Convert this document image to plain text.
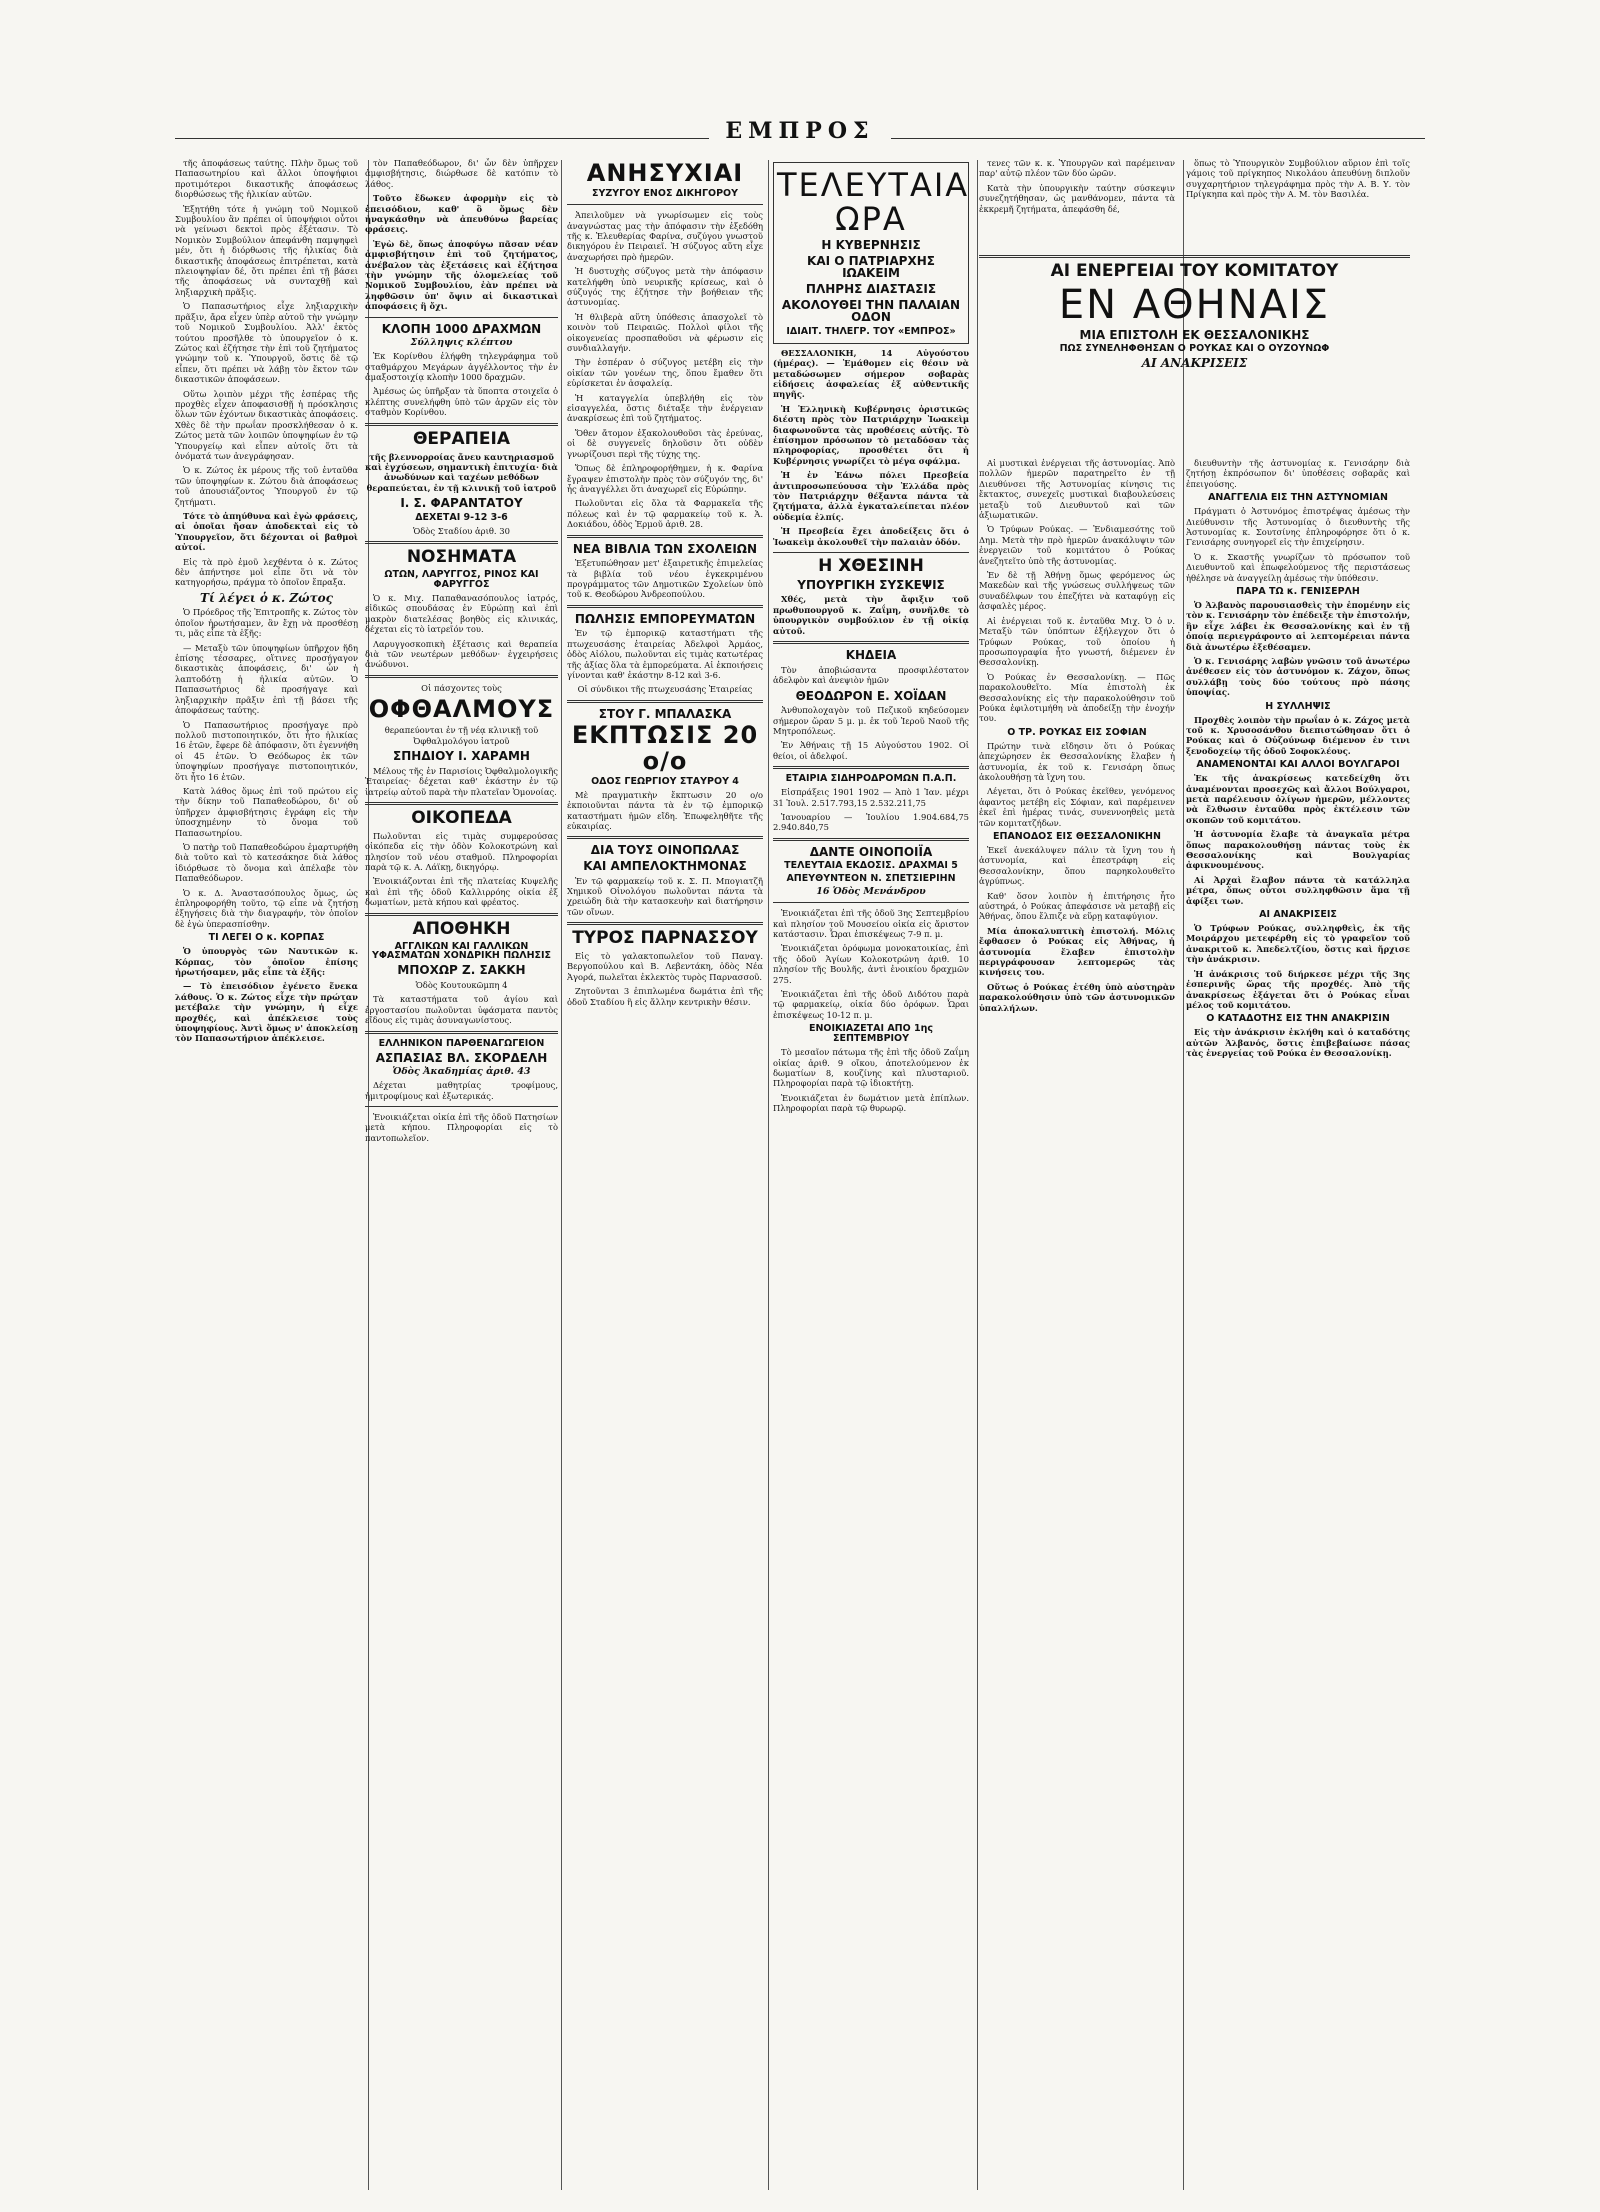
ΕΜΠΡΟΣ

τῆς ἀποφάσεως ταύτης. Πλὴν ὅμως τοῦ Παπασωτηρίου καὶ ἄλλοι ὑποψήφιοι προτιμότεροι δικαστικῆς ἀποφάσεως διορθώσεως τῆς ἡλικίαν αὐτῶν.

Ἐξητήθη τότε ἡ γνώμη τοῦ Νομικοῦ Συμβουλίου ἂν πρέπει οἱ ὑποψήφιοι οὗτοι νὰ γείνωσι δεκτοὶ πρὸς ἐξέτασιν. Τὸ Νομικὸν Συμβούλιον ἀπεφάνθη παμψηφεὶ μέν, ὅτι ἡ διόρθωσις τῆς ἡλικίας διὰ δικαστικῆς ἀποφάσεως ἐπιτρέπεται, κατὰ πλειοψηφίαν δέ, ὅτι πρέπει ἐπὶ τῇ βάσει τῆς ἀποφάσεως νὰ συνταχθῇ καὶ ληξιαρχικὴ πρᾶξις.

Ὁ Παπασωτήριος εἶχε ληξιαρχικὴν πρᾶξιν, ἄρα εἶχεν ὑπὲρ αὐτοῦ τὴν γνώμην τοῦ Νομικοῦ Συμβουλίου. Ἀλλ' ἐκτὸς τούτου προσῆλθε τὸ ὑπουργεῖον ὁ κ. Ζώτος καὶ ἐζήτησε τὴν ἐπὶ τοῦ ζητήματος γνώμην τοῦ κ. Ὑπουργοῦ, ὅστις δὲ τῷ εἶπεν, ὅτι πρέπει νὰ λάβῃ τὸν ἕκτον τῶν δικαστικῶν ἀποφάσεων.

Οὕτω λοιπὸν μέχρι τῆς ἑσπέρας τῆς προχθὲς εἶχεν ἀποφασισθῇ ἡ πρόσκλησις ὅλων τῶν ἐχόντων δικαστικὰς ἀποφάσεις. Χθὲς δὲ τὴν πρωΐαν προσκλήθεσαν ὁ κ. Ζώτος μετὰ τῶν λοιπῶν ὑποψηφίων ἐν τῷ Ὑπουργείῳ καὶ εἶπεν αὐτοῖς ὅτι τὰ ὀνόματά των ἀνεγράφησαν.

Ὁ κ. Ζώτος ἐκ μέρους τῆς τοῦ ἐνταῦθα τῶν ὑποψηφίων κ. Ζώτου διὰ ἀποφάσεως τοῦ ἀπουσιάζοντος Ὑπουργοῦ ἐν τῷ ζητήματι.

Τότε τὸ ἀπηύθυνα καὶ ἐγὼ φράσεις, αἱ ὁποῖαι ἤσαν ἀποδεκταὶ εἰς τὸ Ὑπουργεῖον, ὅτι δέχονται οἱ βαθμοὶ αὐτοί.

Εἰς τὰ πρὸ ἐμοῦ λεχθέντα ὁ κ. Ζώτος δὲν ἀπήντησε μοὶ εἶπε ὅτι νὰ τὸν κατηγορήσω, πράγμα τὸ ὁποῖον ἔπραξα.

Τί λέγει ὁ κ. Ζώτος

Ὁ Πρόεδρος τῆς Ἐπιτροπῆς κ. Ζώτος τὸν ὁποῖον ἠρωτήσαμεν, ἂν ἔχῃ νὰ προσθέσῃ τι, μᾶς εἶπε τὰ ἑξῆς:

— Μεταξὺ τῶν ὑποψηφίων ὑπῆρχον ἤδη ἐπίσης τέσσαρες, οἵτινες προσήγαγον δικαστικὰς ἀποφάσεις, δι' ὧν ἡ λαπτοδότῃ ἡ ἡλικία αὐτῶν. Ὁ Παπασωτήριος δὲ προσήγαγε καὶ ληξιαρχικὴν πρᾶξιν ἐπὶ τῇ βάσει τῆς ἀποφάσεως ταύτης.

Ὁ Παπασωτήριος προσήγαγε πρὸ πολλοῦ πιστοποιητικόν, ὅτι ἦτο ἡλικίας 16 ἐτῶν, ἔφερε δὲ ἀπόφασιν, ὅτι ἐγεννήθη οἱ 45 ἐτῶν. Ὁ Θεόδωρος ἐκ τῶν ὑποψηφίων προσήγαγε πιστοποιητικόν, ὅτι ἦτο 16 ἐτῶν.

Κατὰ λάθος ὅμως ἐπὶ τοῦ πρώτου εἰς τὴν δίκην τοῦ Παπαθεοδώρου, δι' οὗ ὑπῆρχεν ἀμφισβήτησις ἐγράφη εἰς τὴν ὑποσχημένην τὸ ὄνομα τοῦ Παπασωτηρίου.

Ὁ πατὴρ τοῦ Παπαθεοδώρου ἐμαρτυρήθη διὰ τοῦτο καὶ τὸ κατεσάκησε διὰ λάθος ἰδιόρθωσε τὸ ὄνομα καὶ ἀπέλαβε τὸν Παπαθεόδωρον.

Ὁ κ. Δ. Ἀναστασόπουλος ὅμως, ὡς ἐπληροφορήθη τοῦτο, τῷ εἶπε νὰ ζητήσῃ ἐξηγήσεις διὰ τὴν διαγραφήν, τὸν ὁποῖον δὲ ἐγὼ ὑπερασπίσθην.

ΤΙ ΛΕΓΕΙ Ο κ. ΚΟΡΠΑΣ

Ὁ ὑπουργὸς τῶν Ναυτικῶν κ. Κόρπας, τὸν ὁποῖον ἐπίσης ἠρωτήσαμεν, μᾶς εἶπε τὰ ἑξῆς:

— Τὸ ἐπεισόδιον ἐγένετο ἕνεκα λάθους. Ὁ κ. Ζώτος εἶχε τὴν πρώταν μετέβαλε τὴν γνώμην, ἡ εἶχε προχθές, καὶ ἀπέκλεισε τοὺς ὑποψηφίους. Ἀντὶ ὅμως ν' ἀποκλείσῃ τὸν Παπασωτήριον ἀπέκλεισε.

τὸν Παπαθεόδωρον, δι' ὧν δὲν ὑπῆρχεν ἀμφισβήτησις, διώρθωσε δὲ κατόπιν τὸ λάθος.

Τοῦτο ἔδωκεν ἀφορμὴν εἰς τὸ ἐπεισόδιον, καθ' ὃ ὅμως δὲν ἠναγκάσθην νὰ ἀπευθύνω βαρείας φράσεις.

Ἐγὼ δὲ, ὅπως ἀποφύγω πᾶσαν νέαν ἀμφισβήτησιν ἐπὶ τοῦ ζητήματος, ἀνέβαλον τὰς ἐξετάσεις καὶ ἐζήτησα τὴν γνώμην τῆς ὁλομελείας τοῦ Νομικοῦ Συμβουλίου, ἐὰν πρέπει νὰ ληφθῶσιν ὑπ' ὄψιν αἱ δικαστικαὶ ἀποφάσεις ἢ ὄχι.

ΚΛΟΠΗ 1000 ΔΡΑΧΜΩΝ
Σύλληψις κλέπτου

Ἐκ Κορίνθου ἐλήφθη τηλεγράφημα τοῦ σταθμάρχου Μεγάρων ἀγγέλλοντος τὴν ἐν ἀμαξοστοιχίᾳ κλοπὴν 1000 δραχμῶν.

Ἀμέσως ὡς ὑπῆρξαν τὰ ὕποπτα στοιχεῖα ὁ κλέπτης συνελήφθη ὑπὸ τῶν ἀρχῶν εἰς τὸν σταθμὸν Κορίνθου.

ΘΕΡΑΠΕΙΑ

τῆς βλεννορροίας ἄνευ καυτηριασμοῦ καὶ ἐγχύσεων, σημαντικὴ ἐπιτυχία· διὰ ἀνωδύνων καὶ ταχέων μεθόδων θεραπεύεται, ἐν τῇ κλινικῇ τοῦ ἰατροῦ

Ι. Σ. ΦΑΡΑΝΤΑΤΟΥ
ΔΕΧΕΤΑΙ 9-12 3-6

Ὁδὸς Σταδίου ἀριθ. 30

ΝΟΣΗΜΑΤΑ
ΩΤΩΝ, ΛΑΡΥΓΓΟΣ, ΡΙΝΟΣ ΚΑΙ ΦΑΡΥΓΓΟΣ

Ὁ κ. Μιχ. Παπαθανασόπουλος ἰατρός, εἰδικῶς σπουδάσας ἐν Εὐρώπῃ καὶ ἐπὶ μακρὸν διατελέσας βοηθὸς εἰς κλινικάς, δέχεται εἰς τὸ ἰατρεῖόν του.

Λαρυγγοσκοπικὴ ἐξέτασις καὶ θεραπεία διὰ τῶν νεωτέρων μεθόδων· ἐγχειρήσεις ἀνώδυνοι.

Οἱ πάσχοντες τοὺς

ΟΦΘΑΛΜΟΥΣ

θεραπεύονται ἐν τῇ νέᾳ κλινικῇ τοῦ Ὀφθαλμολόγου ἰατροῦ

ΣΠΗΔΙΟΥ Ι. ΧΑΡΑΜΗ

Μέλους τῆς ἐν Παρισίοις Ὀφθαλμολογικῆς Ἑταιρείας· δέχεται καθ' ἑκάστην ἐν τῷ ἰατρείῳ αὐτοῦ παρὰ τὴν πλατεῖαν Ὁμονοίας.

ΟΙΚΟΠΕΔΑ

Πωλοῦνται εἰς τιμὰς συμφερούσας οἰκόπεδα εἰς τὴν ὁδὸν Κολοκοτρώνη καὶ πλησίον τοῦ νέου σταθμοῦ. Πληροφορίαι παρὰ τῷ κ. Α. Λάϊκῃ, δικηγόρῳ.

Ἐνοικιάζονται ἐπὶ τῆς πλατείας Κυψελῆς καὶ ἐπὶ τῆς ὁδοῦ Καλλιρρόης οἰκία ἐξ δωματίων, μετὰ κήπου καὶ φρέατος.

ΑΠΟΘΗΚΗ
ΑΓΓΛΙΚΩΝ ΚΑΙ ΓΑΛΛΙΚΩΝ ΥΦΑΣΜΑΤΩΝ ΧΟΝΔΡΙΚΗ ΠΩΛΗΣΙΣ
ΜΠΟΧΩΡ Ζ. ΣΑΚΚΗ

Ὁδὸς Κουτουκῶμπη 4

Τὰ καταστήματα τοῦ ἀγίου καὶ ἐργοστασίου πωλοῦνται ὑφάσματα παντὸς εἴδους εἰς τιμὰς ἀσυναγωνίστους.

ΕΛΛΗΝΙΚΟΝ ΠΑΡΘΕΝΑΓΩΓΕΙΟΝ
ΑΣΠΑΣΙΑΣ ΒΛ. ΣΚΟΡΔΕΛΗ
Ὁδὸς Ἀκαδημίας ἀριθ. 43

Δέχεται μαθητρίας τροφίμους, ἡμιτροφίμους καὶ ἐξωτερικάς.

Ἐνοικιάζεται οἰκία ἐπὶ τῆς ὁδοῦ Πατησίων μετὰ κήπου. Πληροφορίαι εἰς τὸ παντοπωλεῖον.

ΑΝΗΣΥΧΙΑΙ
ΣΥΖΥΓΟΥ ΕΝΟΣ ΔΙΚΗΓΟΡΟΥ

Ἀπειλοῦμεν νὰ γνωρίσωμεν εἰς τοὺς ἀναγνώστας μας τὴν ἀπόφασιν τὴν ἐξεδόθη τῆς κ. Ἑλευθερίας Φαρίνα, συζύγου γνωστοῦ δικηγόρου ἐν Πειραιεῖ. Ἡ σύζυγος αὕτη εἶχε ἀναχωρήσει πρὸ ἡμερῶν.

Ἡ δυστυχὴς σύζυγος μετὰ τὴν ἀπόφασιν κατελήφθη ὑπὸ νευρικῆς κρίσεως, καὶ ὁ σύζυγός της ἐζήτησε τὴν βοήθειαν τῆς ἀστυνομίας.

Ἡ θλιβερὰ αὕτη ὑπόθεσις ἀπασχολεῖ τὸ κοινὸν τοῦ Πειραιῶς. Πολλοὶ φίλοι τῆς οἰκογενείας προσπαθοῦσι νὰ φέρωσιν εἰς συνδιαλλαγήν.

Τὴν ἑσπέραν ὁ σύζυγος μετέβη εἰς τὴν οἰκίαν τῶν γονέων της, ὅπου ἔμαθεν ὅτι εὑρίσκεται ἐν ἀσφαλείᾳ.

Ἡ καταγγελία ὑπεβλήθη εἰς τὸν εἰσαγγελέα, ὅστις διέταξε τὴν ἐνέργειαν ἀνακρίσεως ἐπὶ τοῦ ζητήματος.

Ὅθεν ἄτομον ἐξακολουθοῦσι τὰς ἐρεύνας, οἱ δὲ συγγενεῖς δηλοῦσιν ὅτι οὐδὲν γνωρίζουσι περὶ τῆς τύχης της.

Ὅπως δὲ ἐπληροφορήθημεν, ἡ κ. Φαρίνα ἔγραψεν ἐπιστολὴν πρὸς τὸν σύζυγόν της, δι' ἧς ἀναγγέλλει ὅτι ἀναχωρεῖ εἰς Εὐρώπην.

Πωλοῦνται εἰς ὅλα τὰ Φαρμακεῖα τῆς πόλεως καὶ ἐν τῷ φαρμακείῳ τοῦ κ. Ἀ. Δοκιάδου, ὁδὸς Ἑρμοῦ ἀριθ. 28.

ΝΕΑ ΒΙΒΛΙΑ ΤΩΝ ΣΧΟΛΕΙΩΝ

Ἐξετυπώθησαν μετ' ἐξαιρετικῆς ἐπιμελείας τὰ βιβλία τοῦ νέου ἐγκεκριμένου προγράμματος τῶν Δημοτικῶν Σχολείων ὑπὸ τοῦ κ. Θεοδώρου Ἀνδρεοπούλου.

ΠΩΛΗΣΙΣ ΕΜΠΟΡΕΥΜΑΤΩΝ

Ἐν τῷ ἐμπορικῷ καταστήματι τῆς πτωχευσάσης ἑταιρείας Ἀδελφοὶ Ἀρμάος, ὁδὸς Αἰόλου, πωλοῦνται εἰς τιμὰς κατωτέρας τῆς ἀξίας ὅλα τὰ ἐμπορεύματα. Αἱ ἐκποιήσεις γίνονται καθ' ἑκάστην 8-12 καὶ 3-6.

Οἱ σύνδικοι τῆς πτωχευσάσης Ἑταιρείας

ΣΤΟΥ Γ. ΜΠΑΛΑΣΚΑ
ΕΚΠΤΩΣΙΣ 20 ο/ο
ΟΔΟΣ ΓΕΩΡΓΙΟΥ ΣΤΑΥΡΟΥ 4

Μὲ πραγματικὴν ἔκπτωσιν 20 ο/ο ἐκποιοῦνται πάντα τὰ ἐν τῷ ἐμπορικῷ καταστήματι ἡμῶν εἴδη. Ἐπωφεληθῆτε τῆς εὐκαιρίας.

ΔΙΑ ΤΟΥΣ ΟΙΝΟΠΩΛΑΣ
ΚΑΙ ΑΜΠΕΛΟΚΤΗΜΟΝΑΣ

Ἐν τῷ φαρμακείῳ τοῦ κ. Σ. Π. Μπογιατζῆ Χημικοῦ Οἰνολόγου πωλοῦνται πάντα τὰ χρειώδη διὰ τὴν κατασκευὴν καὶ διατήρησιν τῶν οἴνων.

ΤΥΡΟΣ ΠΑΡΝΑΣΣΟΥ

Εἰς τὸ γαλακτοπωλεῖον τοῦ Παναγ. Βεργοπούλου καὶ Β. Λεβεντάκη, ὁδὸς Νέα Ἀγορά, πωλεῖται ἐκλεκτὸς τυρὸς Παρνασσοῦ.

Ζητοῦνται 3 ἐπιπλωμένα δωμάτια ἐπὶ τῆς ὁδοῦ Σταδίου ἢ εἰς ἄλλην κεντρικὴν θέσιν.

ΤΕΛΕΥΤΑΙΑ ΩΡΑ
Η ΚΥΒΕΡΝΗΣΙΣ
ΚΑΙ Ο ΠΑΤΡΙΑΡΧΗΣ ΙΩΑΚΕΙΜ
ΠΛΗΡΗΣ ΔΙΑΣΤΑΣΙΣ
ΑΚΟΛΟΥΘΕΙ ΤΗΝ ΠΑΛΑΙΑΝ ΟΔΟΝ
ΙΔΙΑΙΤ. ΤΗΛΕΓΡ. ΤΟΥ «ΕΜΠΡΟΣ»

ΘΕΣΣΑΛΟΝΙΚΗ, 14 Αὐγούστου (ἡμέρας). — Ἐμάθομεν εἰς θέσιν νὰ μεταδώσωμεν σήμερον σοβαρὰς εἰδήσεις ἀσφαλείας ἐξ αὐθεντικῆς πηγῆς.

Ἡ Ἑλληνικὴ Κυβέρνησις ὁριστικῶς διέστη πρὸς τὸν Πατριάρχην Ἰωακεὶμ διαφωνοῦντα τὰς προθέσεις αὐτῆς. Τὸ ἐπίσημον πρόσωπον τὸ μεταδόσαν τὰς πληροφορίας, προσθέτει ὅτι ἡ Κυβέρνησις γνωρίζει τὸ μέγα σφάλμα.

Ἡ ἐν Ἐάνω πόλει Πρεσβεία ἀντιπροσωπεύουσα τὴν Ἑλλάδα πρὸς τὸν Πατριάρχην θέξαντα πάντα τὰ ζητήματα, ἀλλὰ ἐγκαταλείπεται πλέον οὐδεμία ἐλπίς.

Ἡ Πρεσβεία ἔχει ἀποδείξεις ὅτι ὁ Ἰωακεὶμ ἀκολουθεῖ τὴν παλαιὰν ὁδόν.

Η ΧΘΕΣΙΝΗ
ΥΠΟΥΡΓΙΚΗ ΣΥΣΚΕΨΙΣ

Χθές, μετὰ τὴν ἄφιξιν τοῦ πρωθυπουργοῦ κ. Ζαΐμη, συνῆλθε τὸ ὑπουργικὸν συμβούλιον ἐν τῇ οἰκίᾳ αὐτοῦ.

ΚΗΔΕΙΑ

Τὸν ἀποβιώσαντα προσφιλέστατον ἀδελφὸν καὶ ἀνεψιὸν ἡμῶν

ΘΕΟΔΩΡΟΝ Ε. ΧΟΪΔΑΝ

Ἀνθυπολοχαγὸν τοῦ Πεζικοῦ κηδεύσομεν σήμερον ὥραν 5 μ. μ. ἐκ τοῦ Ἱεροῦ Ναοῦ τῆς Μητροπόλεως.

Ἐν Ἀθήναις τῇ 15 Αὐγούστου 1902. Οἱ θείοι, οἱ ἀδελφοί.

ΕΤΑΙΡΙΑ ΣΙΔΗΡΟΔΡΟΜΩΝ Π.Α.Π.

Εἰσπράξεις 1901 1902 — Ἀπὸ 1 Ἰαν. μέχρι 31 Ἰουλ. 2.517.793,15 2.532.211,75

Ἰανουαρίου — Ἰουλίου 1.904.684,75 2.940.840,75

ΔΑΝΤΕ ΟΙΝΟΠΟΙΪΑ
ΤΕΛΕΥΤΑΙΑ ΕΚΔΟΣΙΣ. ΔΡΑΧΜΑΙ 5
ΑΠΕΥΘΥΝΤΕΟΝ Ν. ΣΠΕΤΣΙΕΡΙΗΝ
16 Ὁδὸς Μενάνδρου

Ἐνοικιάζεται ἐπὶ τῆς ὁδοῦ 3ης Σεπτεμβρίου καὶ πλησίον τοῦ Μουσείου οἰκία εἰς ἄριστον κατάστασιν. Ὧραι ἐπισκέψεως 7-9 π. μ.

Ἐνοικιάζεται ὀρόφωμα μονοκατοικίας, ἐπὶ τῆς ὁδοῦ Ἀγίων Κολοκοτρώνη ἀριθ. 10 πλησίον τῆς Βουλῆς, ἀντὶ ἐνοικίου δραχμῶν 275.

Ἐνοικιάζεται ἐπὶ τῆς ὁδοῦ Διδότου παρὰ τῷ φαρμακείῳ, οἰκία δύο ὀρόφων. Ὧραι ἐπισκέψεως 10-12 π. μ.

ΕΝΟΙΚΙΑΖΕΤΑΙ ΑΠΟ 1ης ΣΕΠΤΕΜΒΡΙΟΥ

Τὸ μεσαῖον πάτωμα τῆς ἐπὶ τῆς ὁδοῦ Ζαΐμη οἰκίας ἀριθ. 9 οἴκου, ἀποτελούμενον ἐκ δωματίων 8, κουζίνης καὶ πλυσταριοῦ. Πληροφορίαι παρὰ τῷ ἰδιοκτήτῃ.

Ἐνοικιάζεται ἐν δωμάτιον μετὰ ἐπίπλων. Πληροφορίαι παρὰ τῷ θυρωρῷ.

τενες τῶν κ. κ. Ὑπουργῶν καὶ παρέμειναν παρ' αὐτῷ πλέον τῶν δύο ὡρῶν.

Κατὰ τὴν ὑπουργικὴν ταύτην σύσκεψιν συνεζητήθησαν, ὡς μανθάνομεν, πάντα τὰ ἐκκρεμῆ ζητήματα, ἀπεφάσθη δέ,

ὅπως τὸ Ὑπουργικὸν Συμβούλιον αὔριον ἐπὶ τοῖς γάμοις τοῦ πρίγκηπος Νικολάου ἀπευθύνῃ διπλοῦν συγχαρητήριον τηλεγράφημα πρὸς τὴν Α. Β. Υ. τὸν Πρίγκηπα καὶ πρὸς τὴν Α. Μ. τὸν Βασιλέα.

ΑΙ ΕΝΕΡΓΕΙΑΙ ΤΟΥ ΚΟΜΙΤΑΤΟΥ
ΕΝ ΑΘΗΝΑΙΣ
ΜΙΑ ΕΠΙΣΤΟΛΗ ΕΚ ΘΕΣΣΑΛΟΝΙΚΗΣ
ΠΩΣ ΣΥΝΕΛΗΦΘΗΣΑΝ Ο ΡΟΥΚΑΣ ΚΑΙ Ο ΟΥΖΟΥΝΩΦ
ΑΙ ΑΝΑΚΡΙΣΕΙΣ

Αἱ μυστικαὶ ἐνέργειαι τῆς ἀστυνομίας. Ἀπὸ πολλῶν ἡμερῶν παρατηρεῖτο ἐν τῇ Διευθύνσει τῆς Ἀστυνομίας κίνησις τις ἔκτακτος, συνεχεῖς μυστικαὶ διαβουλεύσεις μεταξὺ τοῦ Διευθυντοῦ καὶ τῶν ἀξιωματικῶν.

Ὁ Τρύφων Ρούκας. — Ἐνδιαμεσότης τοῦ Δημ. Μετὰ τὴν πρὸ ἡμερῶν ἀνακάλυψιν τῶν ἐνεργειῶν τοῦ κομιτάτου ὁ Ρούκας ἀνεζητεῖτο ὑπὸ τῆς ἀστυνομίας.

Ἐν δὲ τῇ Ἀθήνῃ ὅμως φερόμενος ὡς Μακεδὼν καὶ τῆς γνώσεως συλλήψεως τῶν συναδέλφων του ἐπεζήτει νὰ καταφύγῃ εἰς ἀσφαλὲς μέρος.

Αἱ ἐνέργειαι τοῦ κ. ἐνταῦθα Μιχ. Ὀ ὁ ν. Μεταξὺ τῶν ὑπόπτων ἐξήλεγχον ὅτι ὁ Τρύφων Ρούκας, τοῦ ὁποίου ἡ προσωπογραφία ἦτο γνωστή, διέμενεν ἐν Θεσσαλονίκῃ.

Ὁ Ρούκας ἐν Θεσσαλονίκῃ. — Πῶς παρακολουθεῖτο. Μία ἐπιστολὴ ἐκ Θεσσαλονίκης εἰς τὴν παρακολούθησιν τοῦ Ρούκα ἐφιλοτιμήθη νὰ ἀποδείξῃ τὴν ἐνοχήν του.

Ο ΤΡ. ΡΟΥΚΑΣ ΕΙΣ ΣΟΦΙΑΝ

Πρώτην τινὰ εἴδησιν ὅτι ὁ Ρούκας ἀπεχώρησεν ἐκ Θεσσαλονίκης ἔλαβεν ἡ ἀστυνομία, ἐκ τοῦ κ. Γενισάρη ὅπως ἀκολουθήσῃ τὰ ἴχνη του.

Λέγεται, ὅτι ὁ Ρούκας ἐκεῖθεν, γενόμενος ἀφαντος μετέβη εἰς Σόφιαν, καὶ παρέμεινεν ἐκεῖ ἐπὶ ἡμέρας τινάς, συνεννοηθεὶς μετὰ τῶν κομιτατζήδων.

ΕΠΑΝΟΔΟΣ ΕΙΣ ΘΕΣΣΑΛΟΝΙΚΗΝ

Ἐκεῖ ἀνεκάλυψεν πάλιν τὰ ἴχνη του ἡ ἀστυνομία, καὶ ἐπεστράφη εἰς Θεσσαλονίκην, ὅπου παρηκολουθεῖτο ἀγρύπνως.

Καθ' ὅσον λοιπὸν ἡ ἐπιτήρησις ἦτο αὐστηρά, ὁ Ρούκας ἀπεφάσισε νὰ μεταβῇ εἰς Ἀθήνας, ὅπου ἔλπιζε νὰ εὕρῃ καταφύγιον.

Μία ἀποκαλυπτικὴ ἐπιστολή. Μόλις ἔφθασεν ὁ Ρούκας εἰς Ἀθήνας, ἡ ἀστυνομία ἔλαβεν ἐπιστολὴν περιγράφουσαν λεπτομερῶς τὰς κινήσεις του.

Οὕτως ὁ Ρούκας ἐτέθη ὑπὸ αὐστηρὰν παρακολούθησιν ὑπὸ τῶν ἀστυνομικῶν ὑπαλλήλων.

διευθυντὴν τῆς ἀστυνομίας κ. Γενισάρην διὰ ζητήσῃ ἐκπρόσωπον δι' ὑποθέσεις σοβαρᾶς καὶ ἐπειγούσης.

ΑΝΑΓΓΕΛΙΑ ΕΙΣ ΤΗΝ ΑΣΤΥΝΟΜΙΑΝ

Πράγματι ὁ Ἀστυνόμος ἐπιστρέψας ἀμέσως τὴν Διεύθυνσιν τῆς Ἀστυνομίας ὁ διευθυντὴς τῆς Ἀστυνομίας κ. Σουτσίνης ἐπληροφόρησε ὅτι ὁ κ. Γενισάρης συνηγορεῖ εἰς τὴν ἐπιχείρησιν.

Ὁ κ. Σκαστῆς γνωρίζων τὸ πρόσωπον τοῦ Διευθυντοῦ καὶ ἐπωφελούμενος τῆς περιστάσεως ἠθέλησε νὰ ἀναγγείλῃ ἀμέσως τὴν ὑπόθεσιν.

ΠΑΡΑ ΤΩ κ. ΓΕΝΙΣΕΡΛΗ

Ὁ Ἀλβανὸς παρουσιασθεὶς τὴν ἑπομένην εἰς τὸν κ. Γενισάρην τὸν ἐπέδειξε τὴν ἐπιστολήν, ἣν εἶχε λάβει ἐκ Θεσσαλονίκης καὶ ἐν τῇ ὁποίᾳ περιεγράφοντο αἱ λεπτομέρειαι πάντα διὰ ἀνωτέρω ἐξεθέσαμεν.

Ὁ κ. Γενισάρης λαβὼν γνῶσιν τοῦ ἀνωτέρω ἀνέθεσεν εἰς τὸν ἀστυνόμον κ. Ζάχον, ὅπως συλλάβῃ τοὺς δύο τούτους πρὸ πάσης ὑποψίας.

Η ΣΥΛΛΗΨΙΣ

Προχθὲς λοιπὸν τὴν πρωΐαν ὁ κ. Ζάχος μετὰ τοῦ κ. Χρυσοσάνθου διεπιστώθησαν ὅτι ὁ Ρούκας καὶ ὁ Οὐζούνωφ διέμενον ἐν τινι ξενοδοχείῳ τῆς ὁδοῦ Σοφοκλέους.

ΑΝΑΜΕΝΟΝΤΑΙ ΚΑΙ ΑΛΛΟΙ ΒΟΥΛΓΑΡΟΙ

Ἐκ τῆς ἀνακρίσεως κατεδείχθη ὅτι ἀναμένονται προσεχῶς καὶ ἄλλοι Βούλγαροι, μετὰ παρέλευσιν ὀλίγων ἡμερῶν, μέλλοντες νὰ ἔλθωσιν ἐνταῦθα πρὸς ἐκτέλεσιν τῶν σκοπῶν τοῦ κομιτάτου.

Ἡ ἀστυνομία ἔλαβε τὰ ἀναγκαῖα μέτρα ὅπως παρακολουθήσῃ πάντας τοὺς ἐκ Θεσσαλονίκης καὶ Βουλγαρίας ἀφικνουμένους.

Αἱ Ἀρχαὶ ἔλαβον πάντα τὰ κατάλληλα μέτρα, ὅπως οὗτοι συλληφθῶσιν ἅμα τῇ ἀφίξει των.

ΑΙ ΑΝΑΚΡΙΣΕΙΣ

Ὁ Τρύφων Ρούκας, συλληφθεὶς, ἐκ τῆς Μοιράρχου μετεφέρθη εἰς τὸ γραφεῖον τοῦ ἀνακριτοῦ κ. Ἀπεδελτζίου, ὅστις καὶ ἤρχισε τὴν ἀνάκρισιν.

Ἡ ἀνάκρισις τοῦ διήρκεσε μέχρι τῆς 3ης ἑσπερινῆς ὥρας τῆς προχθές. Ἀπὸ τῆς ἀνακρίσεως ἐξάγεται ὅτι ὁ Ρούκας εἶναι μέλος τοῦ κομιτάτου.

Ο ΚΑΤΑΔΟΤΗΣ ΕΙΣ ΤΗΝ ΑΝΑΚΡΙΣΙΝ

Εἰς τὴν ἀνάκρισιν ἐκλήθη καὶ ὁ καταδότης αὐτῶν Ἀλβανός, ὅστις ἐπιβεβαίωσε πάσας τὰς ἐνεργείας τοῦ Ρούκα ἐν Θεσσαλονίκῃ.
